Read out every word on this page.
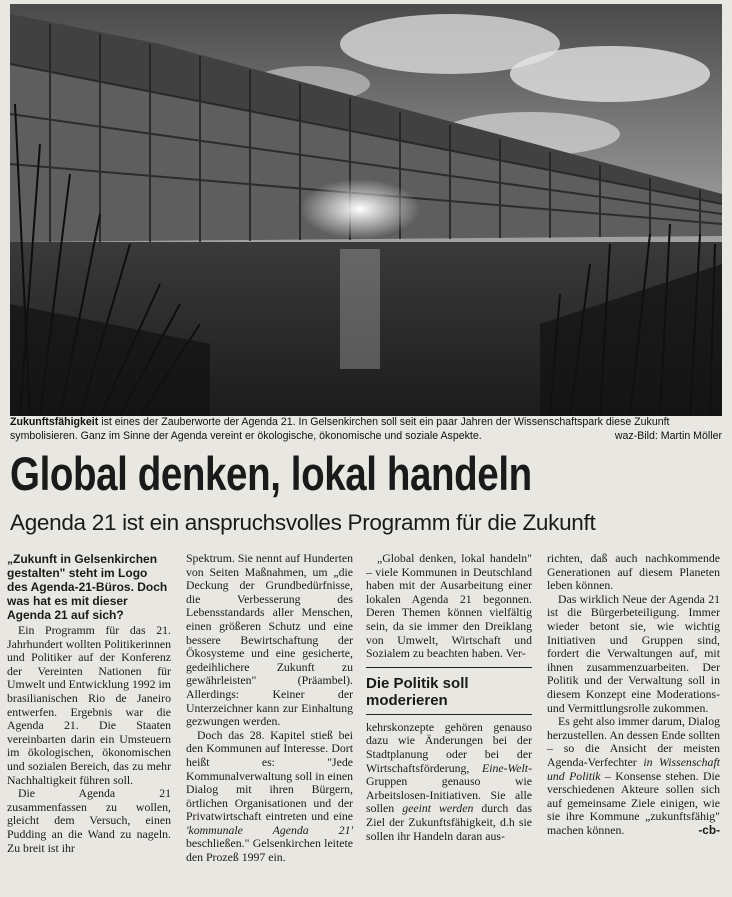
Zukunftsfähigkeit ist eines der Zauberworte der Agenda 21. In Gelsenkirchen soll seit ein paar Jahren der Wissenschaftspark diese Zukunft symbolisieren. Ganz im Sinne der Agenda vereint er ökologische, ökonomische und soziale Aspekte.	waz-Bild: Martin Möller
Global denken, lokal handeln
Agenda 21 ist ein anspruchsvolles Programm für die Zukunft

„Zukunft in Gelsenkirchen gestalten" steht im Logo des Agenda-21-Büros. Doch was hat es mit dieser Agenda 21 auf sich?

Ein Programm für das 21. Jahrhundert wollten Politikerinnen und Politiker auf der Konferenz der Vereinten Nationen für Umwelt und Entwicklung 1992 im brasilianischen Rio de Janeiro entwerfen. Ergebnis war die Agenda 21. Die Staaten vereinbarten darin ein Umsteuern im ökologischen, ökonomischen und sozialen Bereich, das zu mehr Nachhaltigkeit führen soll.

Die Agenda 21 zusammenfassen zu wollen, gleicht dem Versuch, einen Pudding an die Wand zu nageln. Zu breit ist ihr

Spektrum. Sie nennt auf Hunderten von Seiten Maßnahmen, um „die Deckung der Grundbedürfnisse, die Verbesserung des Lebensstandards aller Menschen, einen größeren Schutz und eine bessere Bewirtschaftung der Ökosysteme und eine gesicherte, gedeihlichere Zukunft zu gewährleisten" (Präambel). Allerdings: Keiner der Unterzeichner kann zur Einhaltung gezwungen werden.

Doch das 28. Kapitel stieß bei den Kommunen auf Interesse. Dort heißt es: "Jede Kommunalverwaltung soll in einen Dialog mit ihren Bürgern, örtlichen Organisationen und der Privatwirtschaft eintreten und eine 'kommunale Agenda 21' beschließen." Gelsenkirchen leitete den Prozeß 1997 ein.

„Global denken, lokal handeln" – viele Kommunen in Deutschland haben mit der Ausarbeitung einer lokalen Agenda 21 begonnen. Deren Themen können vielfältig sein, da sie immer den Dreiklang von Umwelt, Wirtschaft und Sozialem zu beachten haben. Ver-

Die Politik soll moderieren

kehrskonzepte gehören genauso dazu wie Änderungen bei der Stadtplanung oder bei der Wirtschaftsförderung, Eine-Welt- Gruppen genauso wie Arbeitslosen-Initiativen. Sie alle sollen geeint werden durch das Ziel der Zukunftsfähigkeit, d.h sie sollen ihr Handeln daran aus-

richten, daß auch nachkommende Generationen auf diesem Planeten leben können.

Das wirklich Neue der Agenda 21 ist die Bürgerbeteiligung. Immer wieder betont sie, wie wichtig Initiativen und Gruppen sind, fordert die Verwaltungen auf, mit ihnen zusammenzuarbeiten. Der Politik und der Verwaltung soll in diesem Konzept eine Moderations- und Vermittlungsrolle zukommen.

Es geht also immer darum, Dialog herzustellen. An dessen Ende sollten – so die Ansicht der meisten Agenda-Verfechter in Wissenschaft und Politik – Konsense stehen. Die verschiedenen Akteure sollen sich auf gemeinsame Ziele einigen, wie sie ihre Kommune „zukunftsfähig" machen können.	-cb-
